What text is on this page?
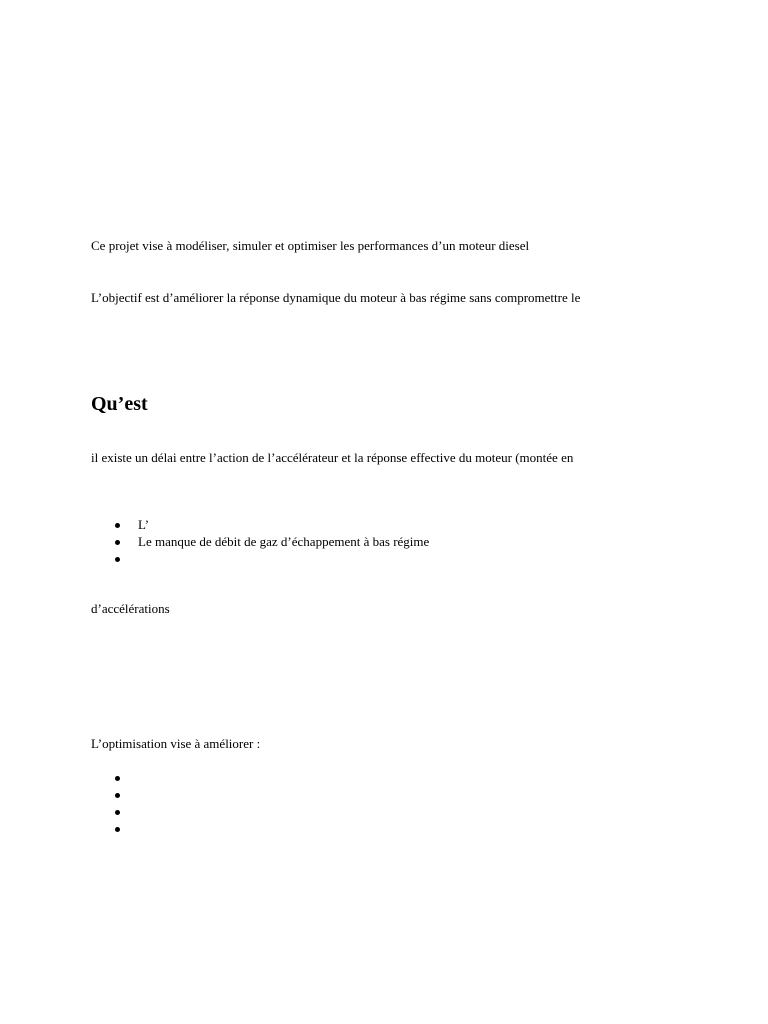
Ce projet vise à modéliser, simuler et optimiser les performances d’un moteur diesel

L’objectif est d’améliorer la réponse dynamique du moteur à bas régime sans compromettre le

Qu’est

il existe un délai entre l’action de l’accélérateur et la réponse effective du moteur (montée en

L’
Le manque de débit de gaz d’échappement à bas régime

d’accélérations

L’optimisation vise à améliorer :
